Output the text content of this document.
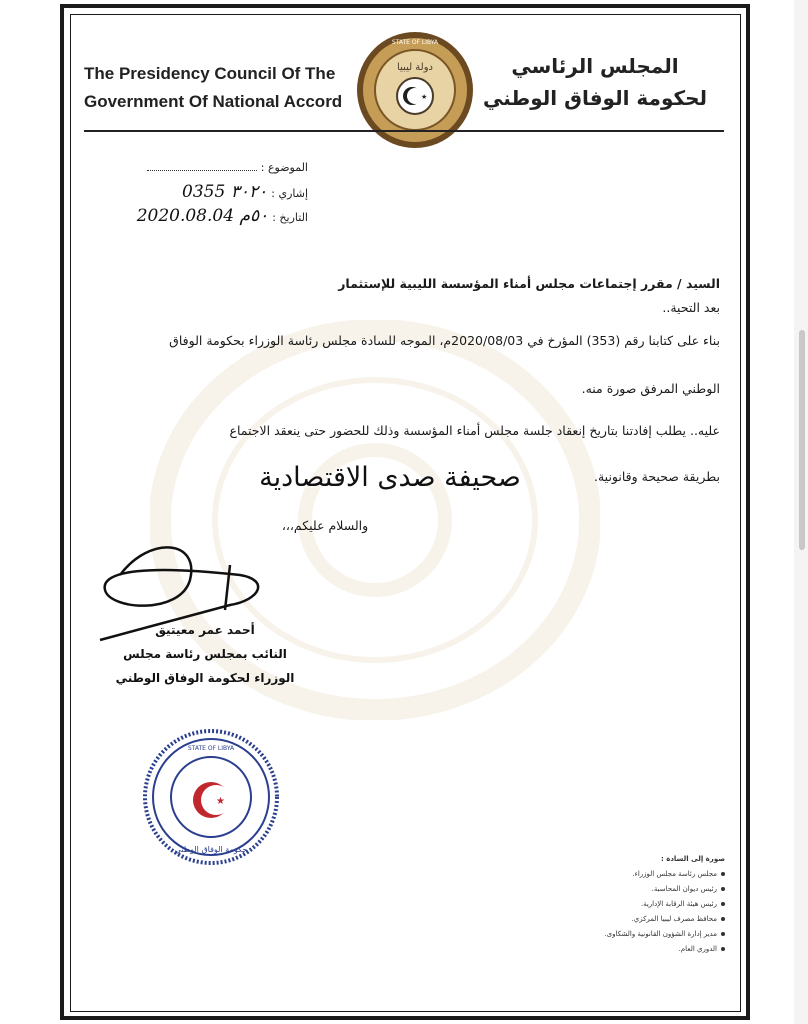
The Presidency Council Of The
Government Of National Accord	★
STATE OF LIBYA
دولة ليبيا	المجلس الرئاسي
لحكومة الوفاق الوطني
الموضوع :
إشاري :0355 ٣٠٢٠
التاريخ :2020.08.04 ٥٠م
السيد / مقرر إجتماعات مجلس أمناء المؤسسة الليبية للإستثمار
بعد التحية..
بناء على كتابنا رقم (353) المؤرخ في 2020/08/03م، الموجه للسادة مجلس رئاسة الوزراء بحكومة الوفاق
الوطني المرفق صورة منه.
عليه.. يطلب إفادتنا بتاريخ إنعقاد جلسة مجلس أمناء المؤسسة وذلك للحضور حتى ينعقد الاجتماع
بطريقة صحيحة وقانونية.
صحيفة صدى الاقتصادية
والسلام عليكم،،،
أحمد عمر معيتيق
النائب بمجلس رئاسة مجلس
الوزراء لحكومة الوفاق الوطني
★
STATE OF LIBYA
حكومة الوفاق الوطني
صورة إلى السادة :
مجلس رئاسة مجلس الوزراء.
رئيس ديوان المحاسبة.
رئيس هيئة الرقابة الإدارية.
محافظ مصرف ليبيا المركزي.
مدير إدارة الشؤون القانونية والشكاوى.
الدوري العام.
